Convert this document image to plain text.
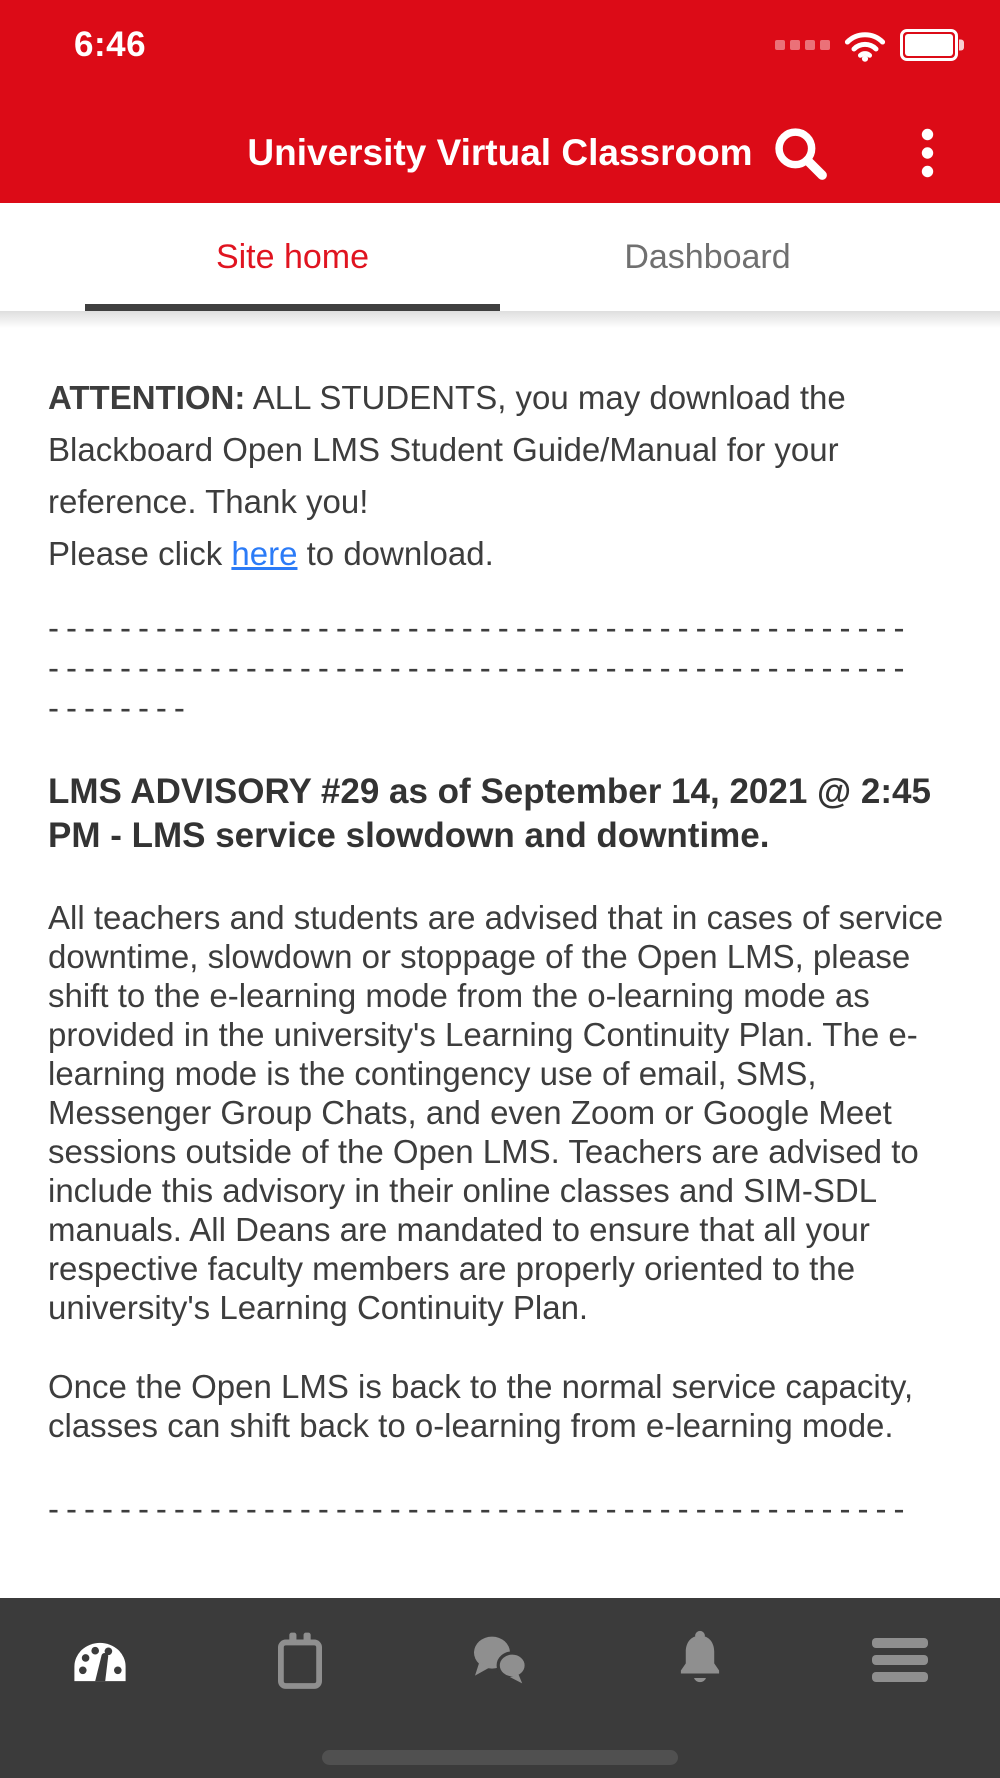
6:46
University Virtual Classroom
Site home	Dashboard

ATTENTION: ALL STUDENTS, you may download the Blackboard Open LMS Student Guide/Manual for your reference. Thank you!
Please click here to download.

------------------------------------------------
------------------------------------------------
--------
LMS ADVISORY #29 as of September 14, 2021 @ 2:45 PM - LMS service slowdown and downtime.

All teachers and students are advised that in cases of service downtime, slowdown or stoppage of the Open LMS, please shift to the e-learning mode from the o-learning mode as provided in the university's Learning Continuity Plan. The e-learning mode is the contingency use of email, SMS, Messenger Group Chats, and even Zoom or Google Meet sessions outside of the Open LMS. Teachers are advised to include this advisory in their online classes and SIM-SDL manuals. All Deans are mandated to ensure that all your respective faculty members are properly oriented to the university's Learning Continuity Plan.

Once the Open LMS is back to the normal service capacity, classes can shift back to o-learning from e-learning mode.

------------------------------------------------
